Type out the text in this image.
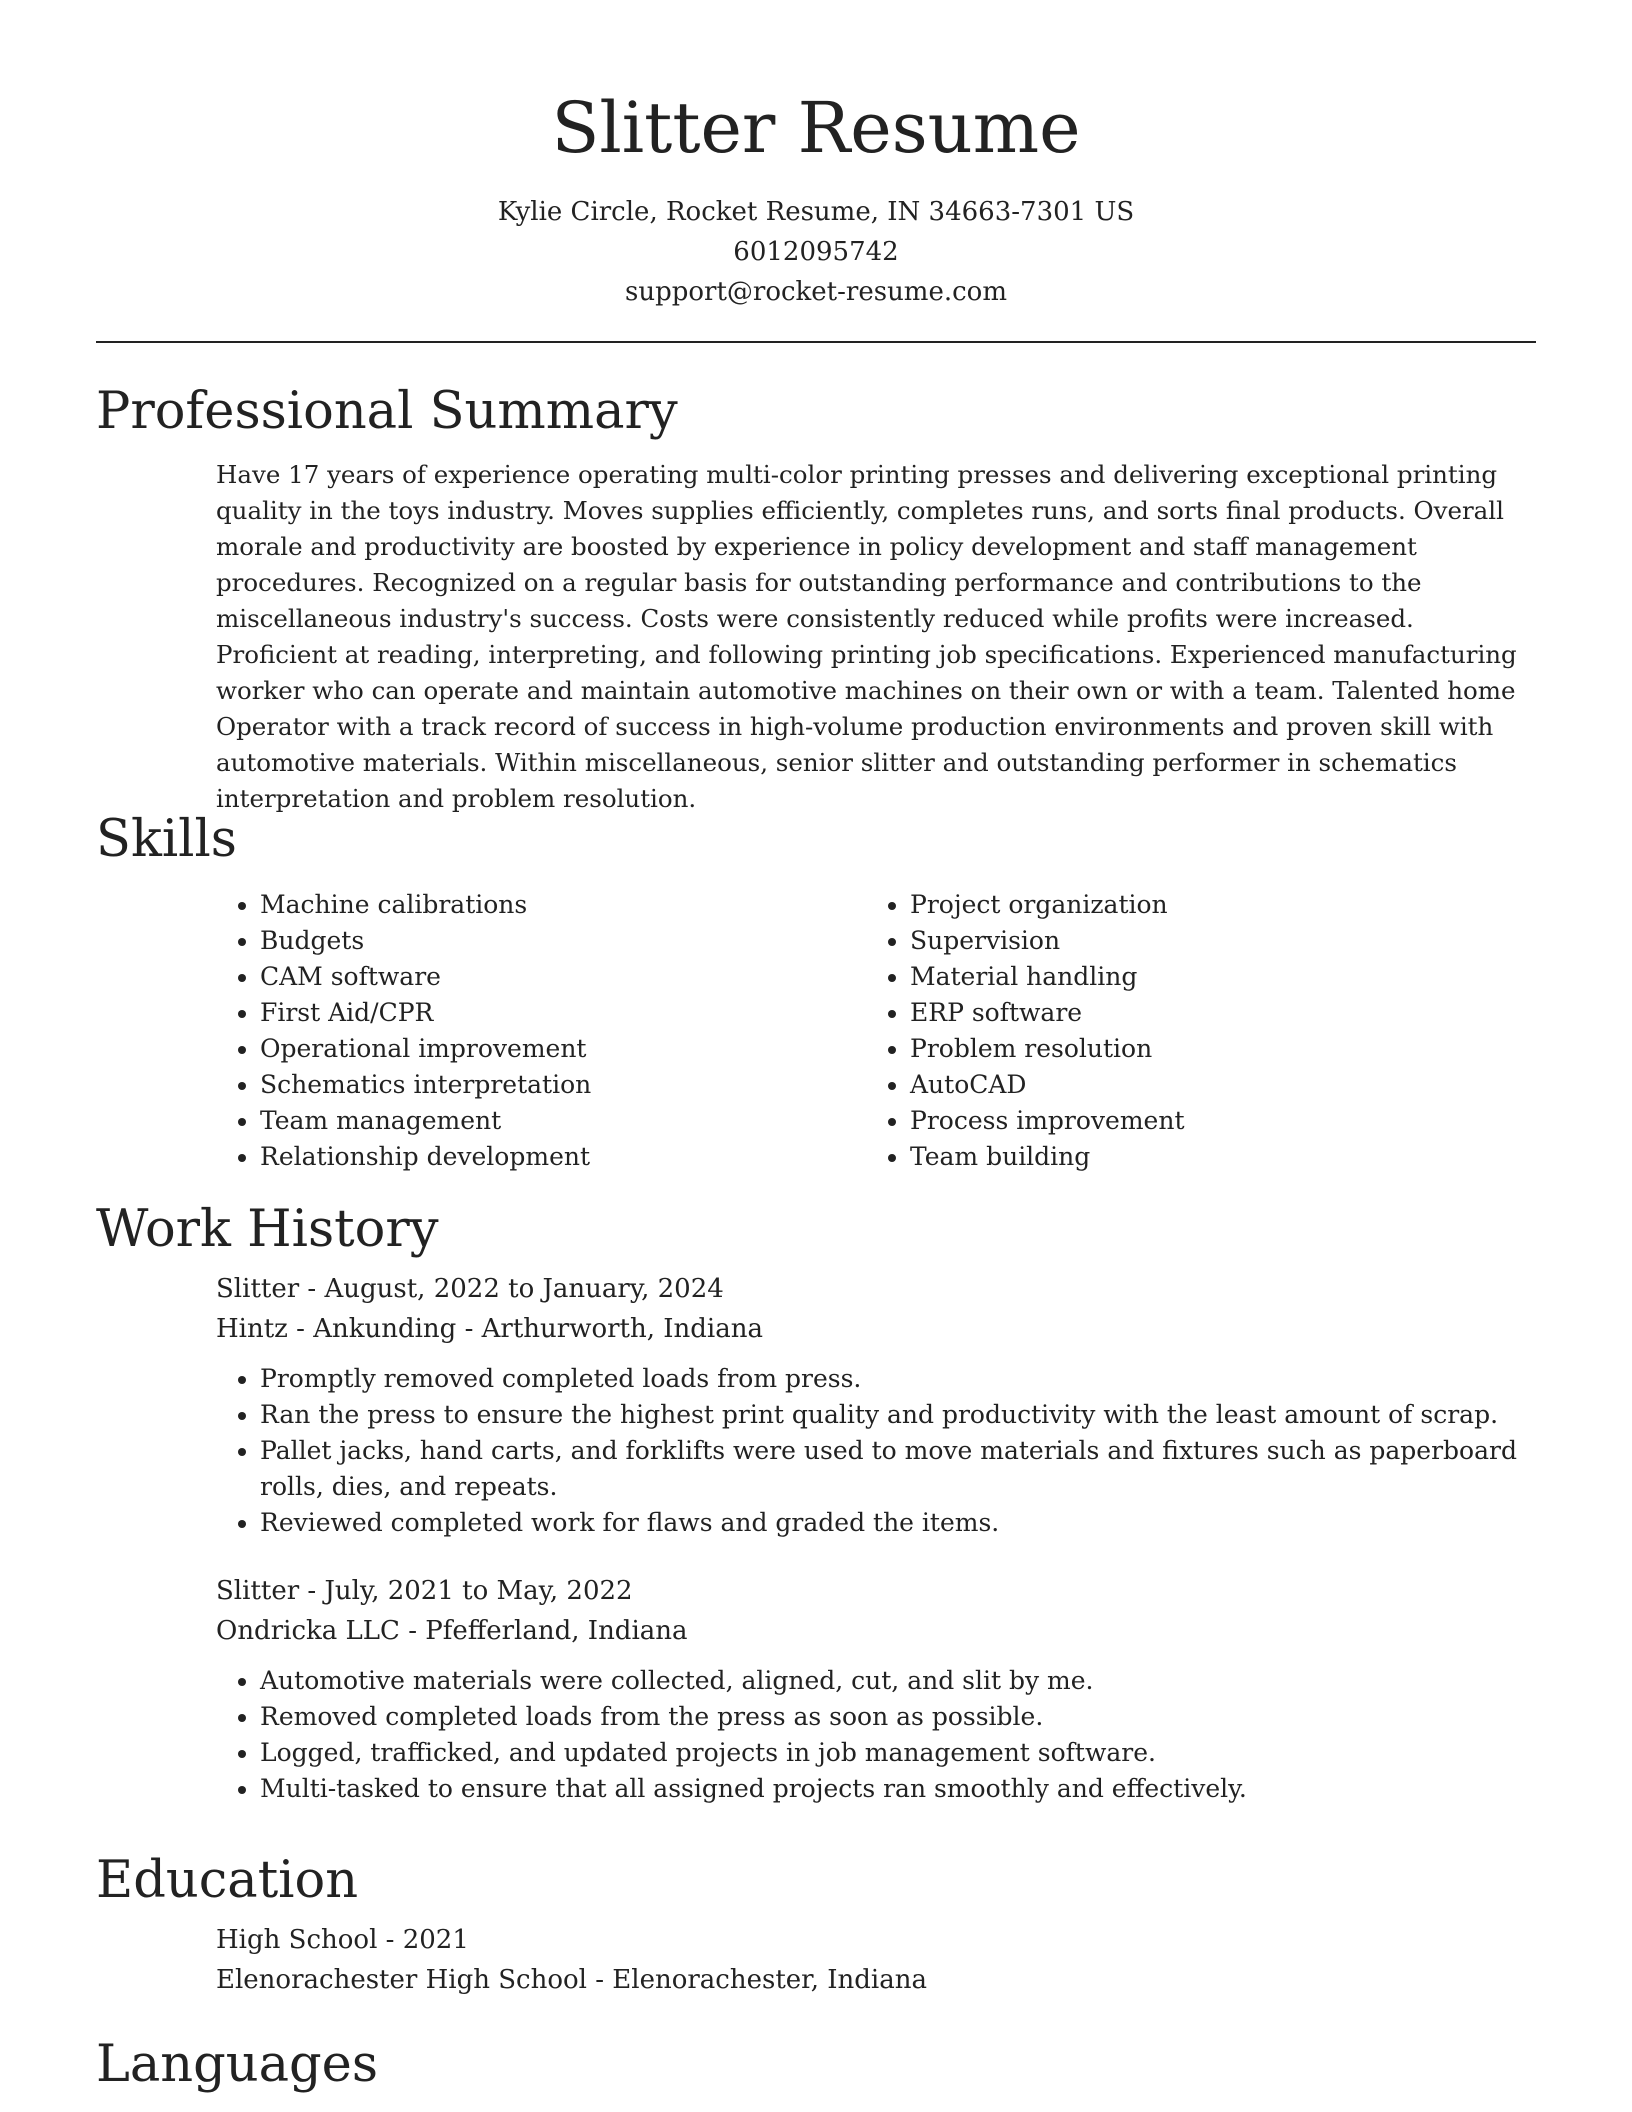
Slitter Resume
Kylie Circle, Rocket Resume, IN 34663-7301 US
6012095742
support@rocket-resume.com
Professional Summary

Have 17 years of experience operating multi-color printing presses and delivering exceptional printing quality in the toys industry. Moves supplies efficiently, completes runs, and sorts final products. Overall morale and productivity are boosted by experience in policy development and staff management procedures. Recognized on a regular basis for outstanding performance and contributions to the miscellaneous industry's success. Costs were consistently reduced while profits were increased. Proficient at reading, interpreting, and following printing job specifications. Experienced manufacturing worker who can operate and maintain automotive machines on their own or with a team. Talented home Operator with a track record of success in high-volume production environments and proven skill with automotive materials. Within miscellaneous, senior slitter and outstanding performer in schematics interpretation and problem resolution.

Skills
• Machine calibrations
• Budgets
• CAM software
• First Aid/CPR
• Operational improvement
• Schematics interpretation
• Team management
• Relationship development
• Project organization
• Supervision
• Material handling
• ERP software
• Problem resolution
• AutoCAD
• Process improvement
• Team building
Work History
Slitter - August, 2022 to January, 2024
Hintz - Ankunding - Arthurworth, Indiana
• Promptly removed completed loads from press.
• Ran the press to ensure the highest print quality and productivity with the least amount of scrap.
• Pallet jacks, hand carts, and forklifts were used to move materials and fixtures such as paperboard rolls, dies, and repeats.
• Reviewed completed work for flaws and graded the items.
Slitter - July, 2021 to May, 2022
Ondricka LLC - Pfefferland, Indiana
• Automotive materials were collected, aligned, cut, and slit by me.
• Removed completed loads from the press as soon as possible.
• Logged, trafficked, and updated projects in job management software.
• Multi-tasked to ensure that all assigned projects ran smoothly and effectively.
Education
High School - 2021
Elenorachester High School - Elenorachester, Indiana
Languages
